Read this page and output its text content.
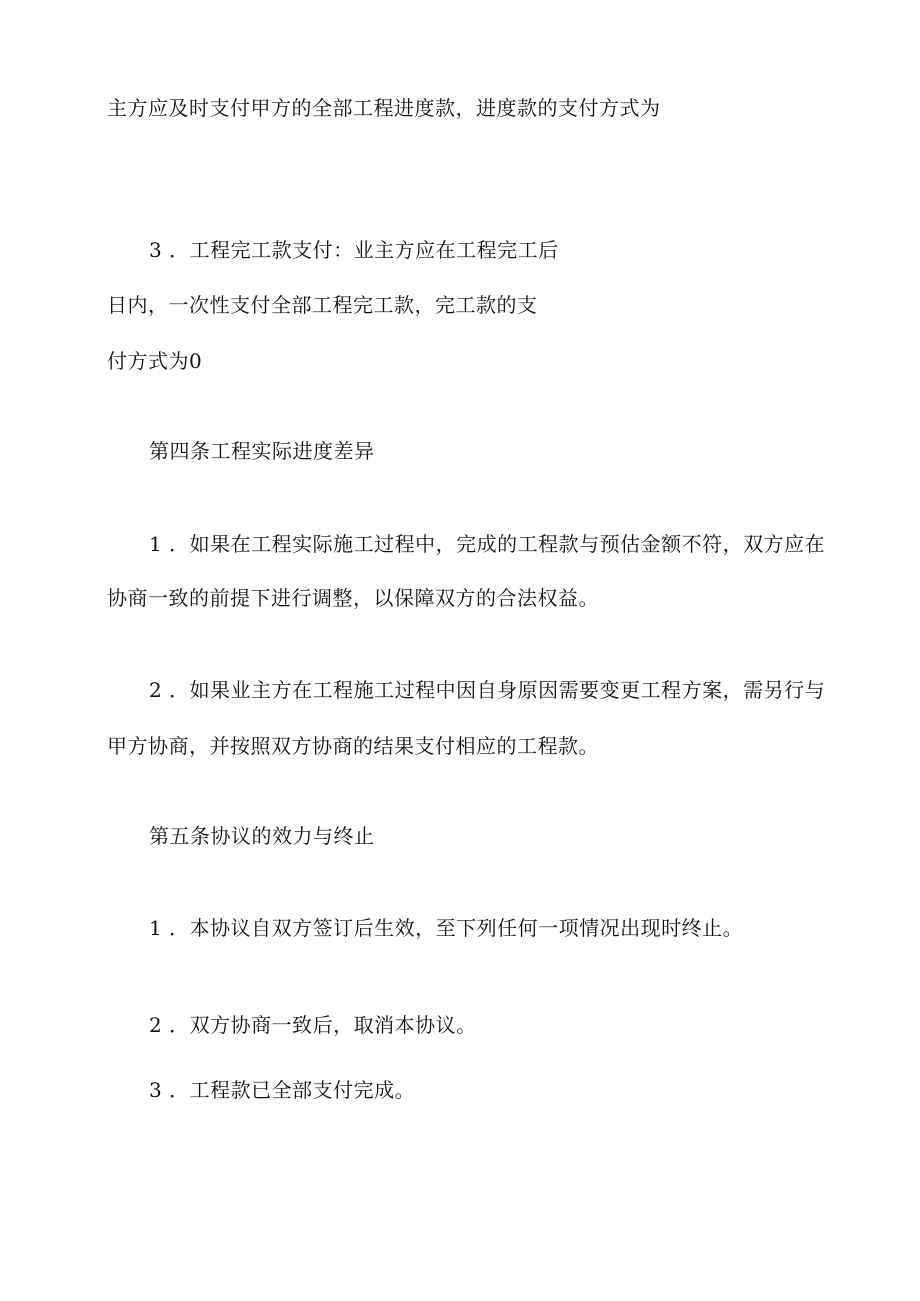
主方应及时支付甲方的全部工程进度款，进度款的支付方式为

3 ．工程完工款支付：业主方应在工程完工后

日内，一次性支付全部工程完工款，完工款的支

付方式为0

第四条工程实际进度差异

1 ．如果在工程实际施工过程中，完成的工程款与预估金额不符，双方应在

协商一致的前提下进行调整，以保障双方的合法权益。

2 ．如果业主方在工程施工过程中因自身原因需要变更工程方案，需另行与

甲方协商，并按照双方协商的结果支付相应的工程款。

第五条协议的效力与终止

1 ．本协议自双方签订后生效，至下列任何一项情况出现时终止。

2 ．双方协商一致后，取消本协议。

3 ．工程款已全部支付完成。
